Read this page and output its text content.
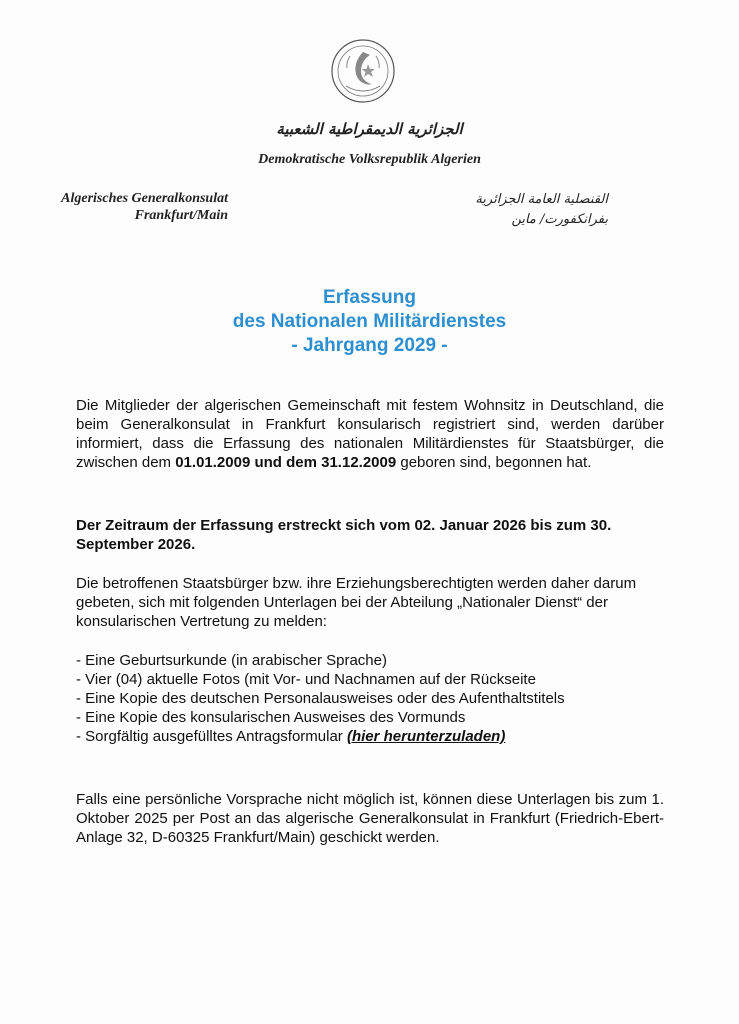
الجزائرية الديمقراطية الشعبية
Demokratische Volksrepublik Algerien
Algerisches Generalkonsulat
Frankfurt/Main
القنصلية العامة الجزائرية
بفرانكفورت/ ماين
Erfassung
des Nationalen Militärdienstes
- Jahrgang 2029 -
Die Mitglieder der algerischen Gemeinschaft mit festem Wohnsitz in Deutschland, die beim Generalkonsulat in Frankfurt konsularisch registriert sind, werden darüber informiert, dass die Erfassung des nationalen Militärdienstes für Staatsbürger, die zwischen dem 01.01.2009 und dem 31.12.2009 geboren sind, begonnen hat.
Der Zeitraum der Erfassung erstreckt sich vom 02. Januar 2026 bis zum 30. September 2026.
Die betroffenen Staatsbürger bzw. ihre Erziehungsberechtigten werden daher darum gebeten, sich mit folgenden Unterlagen bei der Abteilung „Nationaler Dienst“ der konsularischen Vertretung zu melden:
- Eine Geburtsurkunde (in arabischer Sprache)
- Vier (04) aktuelle Fotos (mit Vor- und Nachnamen auf der Rückseite
- Eine Kopie des deutschen Personalausweises oder des Aufenthaltstitels
- Eine Kopie des konsularischen Ausweises des Vormunds
- Sorgfältig ausgefülltes Antragsformular (hier herunterzuladen)
Falls eine persönliche Vorsprache nicht möglich ist, können diese Unterlagen bis zum 1. Oktober 2025 per Post an das algerische Generalkonsulat in Frankfurt (Friedrich-Ebert-Anlage 32, D-60325 Frankfurt/Main) geschickt werden.
